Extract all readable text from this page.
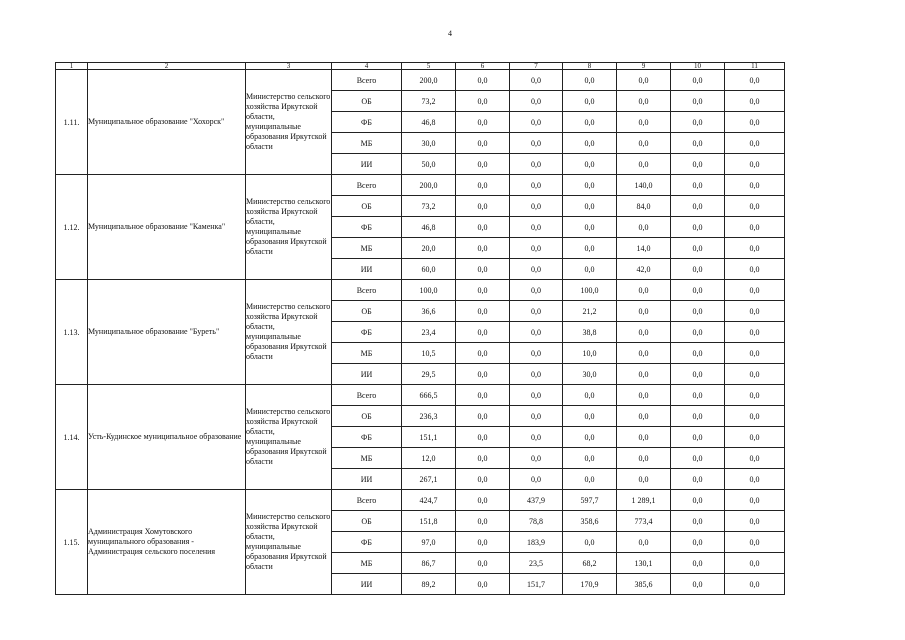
4
1	2	3	4	5	6	7	8	9	10	11
1.11.	Муниципальное образование "Хохорск"	Министерство сельского хозяйства Иркутской области, муниципальные образования Иркутской области	Всего	200,0	0,0	0,0	0,0	0,0	0,0	0,0
			ОБ	73,2	0,0	0,0	0,0	0,0	0,0	0,0
			ФБ	46,8	0,0	0,0	0,0	0,0	0,0	0,0
			МБ	30,0	0,0	0,0	0,0	0,0	0,0	0,0
			ИИ	50,0	0,0	0,0	0,0	0,0	0,0	0,0
1.12.	Муниципальное образование "Каменка"	Министерство сельского хозяйства Иркутской области, муниципальные образования Иркутской области	Всего	200,0	0,0	0,0	0,0	140,0	0,0	0,0
			ОБ	73,2	0,0	0,0	0,0	84,0	0,0	0,0
			ФБ	46,8	0,0	0,0	0,0	0,0	0,0	0,0
			МБ	20,0	0,0	0,0	0,0	14,0	0,0	0,0
			ИИ	60,0	0,0	0,0	0,0	42,0	0,0	0,0
1.13.	Муниципальное образование "Буреть"	Министерство сельского хозяйства Иркутской области, муниципальные образования Иркутской области	Всего	100,0	0,0	0,0	100,0	0,0	0,0	0,0
			ОБ	36,6	0,0	0,0	21,2	0,0	0,0	0,0
			ФБ	23,4	0,0	0,0	38,8	0,0	0,0	0,0
			МБ	10,5	0,0	0,0	10,0	0,0	0,0	0,0
			ИИ	29,5	0,0	0,0	30,0	0,0	0,0	0,0
1.14.	Усть-Кудинское муниципальное образование	Министерство сельского хозяйства Иркутской области, муниципальные образования Иркутской области	Всего	666,5	0,0	0,0	0,0	0,0	0,0	0,0
			ОБ	236,3	0,0	0,0	0,0	0,0	0,0	0,0
			ФБ	151,1	0,0	0,0	0,0	0,0	0,0	0,0
			МБ	12,0	0,0	0,0	0,0	0,0	0,0	0,0
			ИИ	267,1	0,0	0,0	0,0	0,0	0,0	0,0
1.15.	Администрация Хомутовского муниципального образования - Администрация сельского поселения	Министерство сельского хозяйства Иркутской области, муниципальные образования Иркутской области	Всего	424,7	0,0	437,9	597,7	1 289,1	0,0	0,0
			ОБ	151,8	0,0	78,8	358,6	773,4	0,0	0,0
			ФБ	97,0	0,0	183,9	0,0	0,0	0,0	0,0
			МБ	86,7	0,0	23,5	68,2	130,1	0,0	0,0
			ИИ	89,2	0,0	151,7	170,9	385,6	0,0	0,0
